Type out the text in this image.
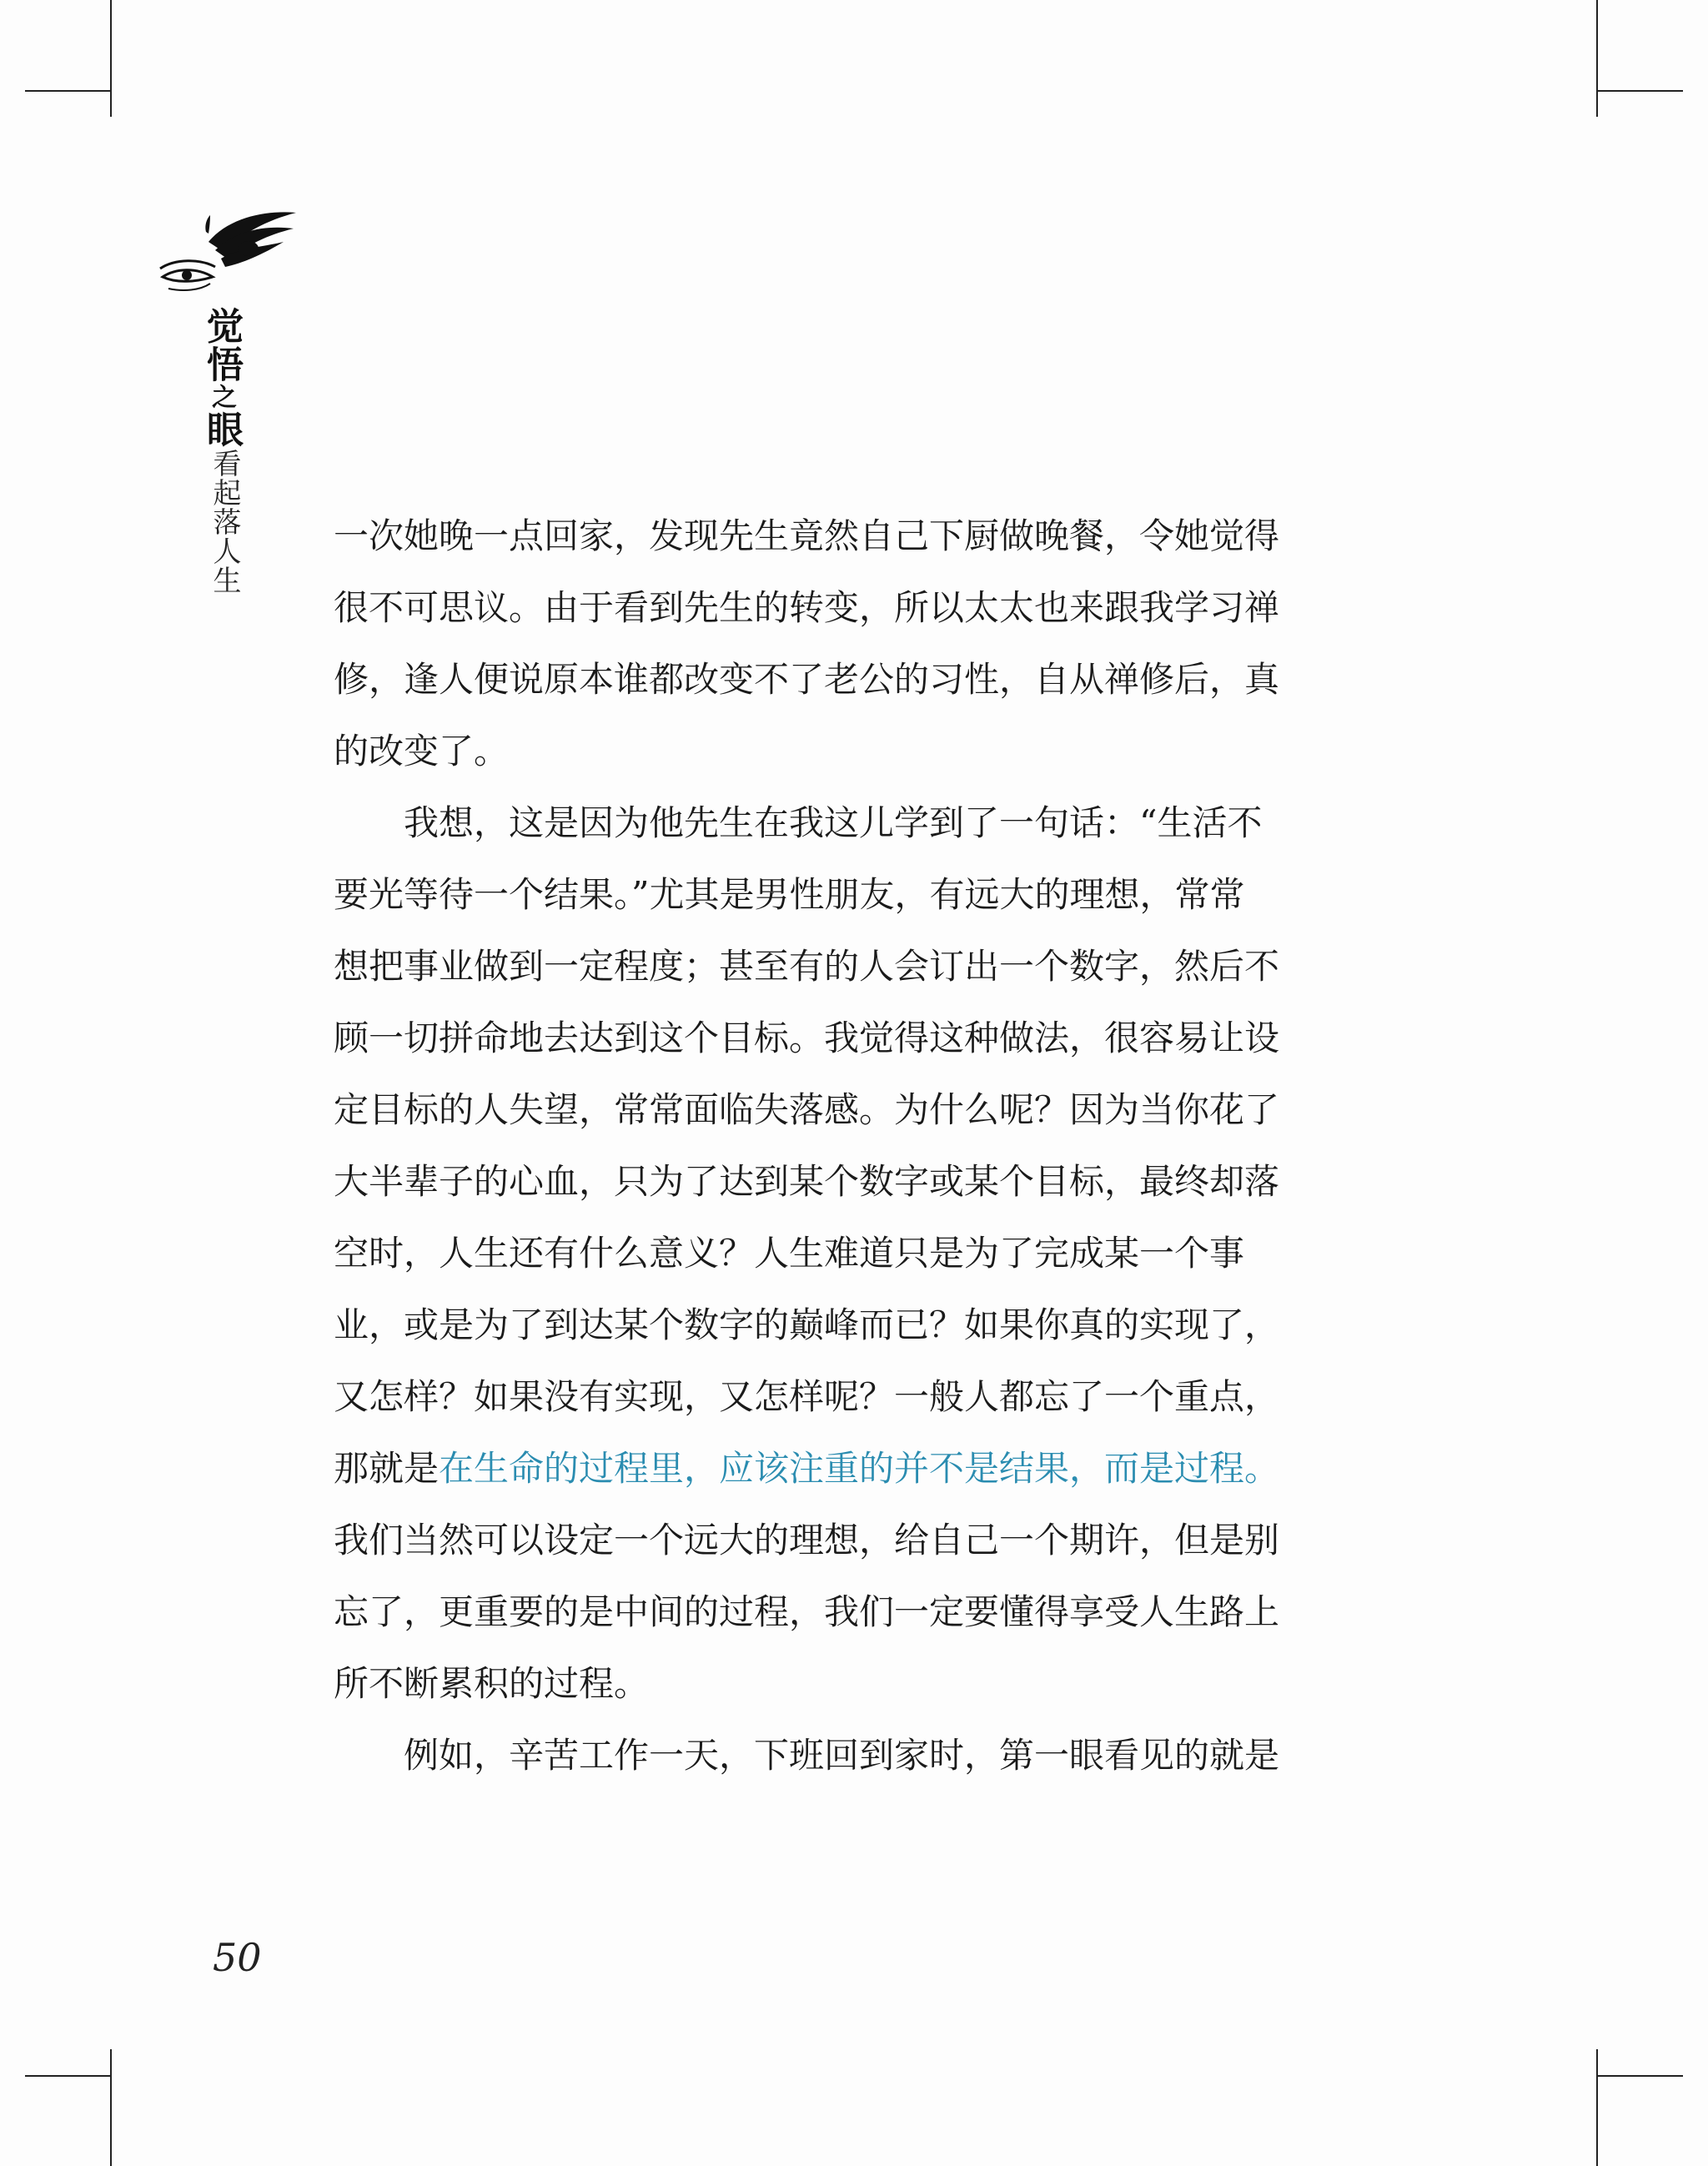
觉悟之眼
看起落人生	一次她晚一点回家，发现先生竟然自己下厨做晚餐，令她觉得
很不可思议。由于看到先生的转变，所以太太也来跟我学习禅
修，逢人便说原本谁都改变不了老公的习性，自从禅修后，真
的改变了。
我想，这是因为他先生在我这儿学到了一句话：“生活不
要光等待一个结果。”尤其是男性朋友，有远大的理想，常常
想把事业做到一定程度；甚至有的人会订出一个数字，然后不
顾一切拼命地去达到这个目标。我觉得这种做法，很容易让设
定目标的人失望，常常面临失落感。为什么呢？因为当你花了
大半辈子的心血，只为了达到某个数字或某个目标，最终却落
空时，人生还有什么意义？人生难道只是为了完成某一个事
业，或是为了到达某个数字的巅峰而已？如果你真的实现了，
又怎样？如果没有实现，又怎样呢？一般人都忘了一个重点，
那就是在生命的过程里，应该注重的并不是结果，而是过程。
我们当然可以设定一个远大的理想，给自己一个期许，但是别
忘了，更重要的是中间的过程，我们一定要懂得享受人生路上
所不断累积的过程。
例如，辛苦工作一天，下班回到家时，第一眼看见的就是
50
